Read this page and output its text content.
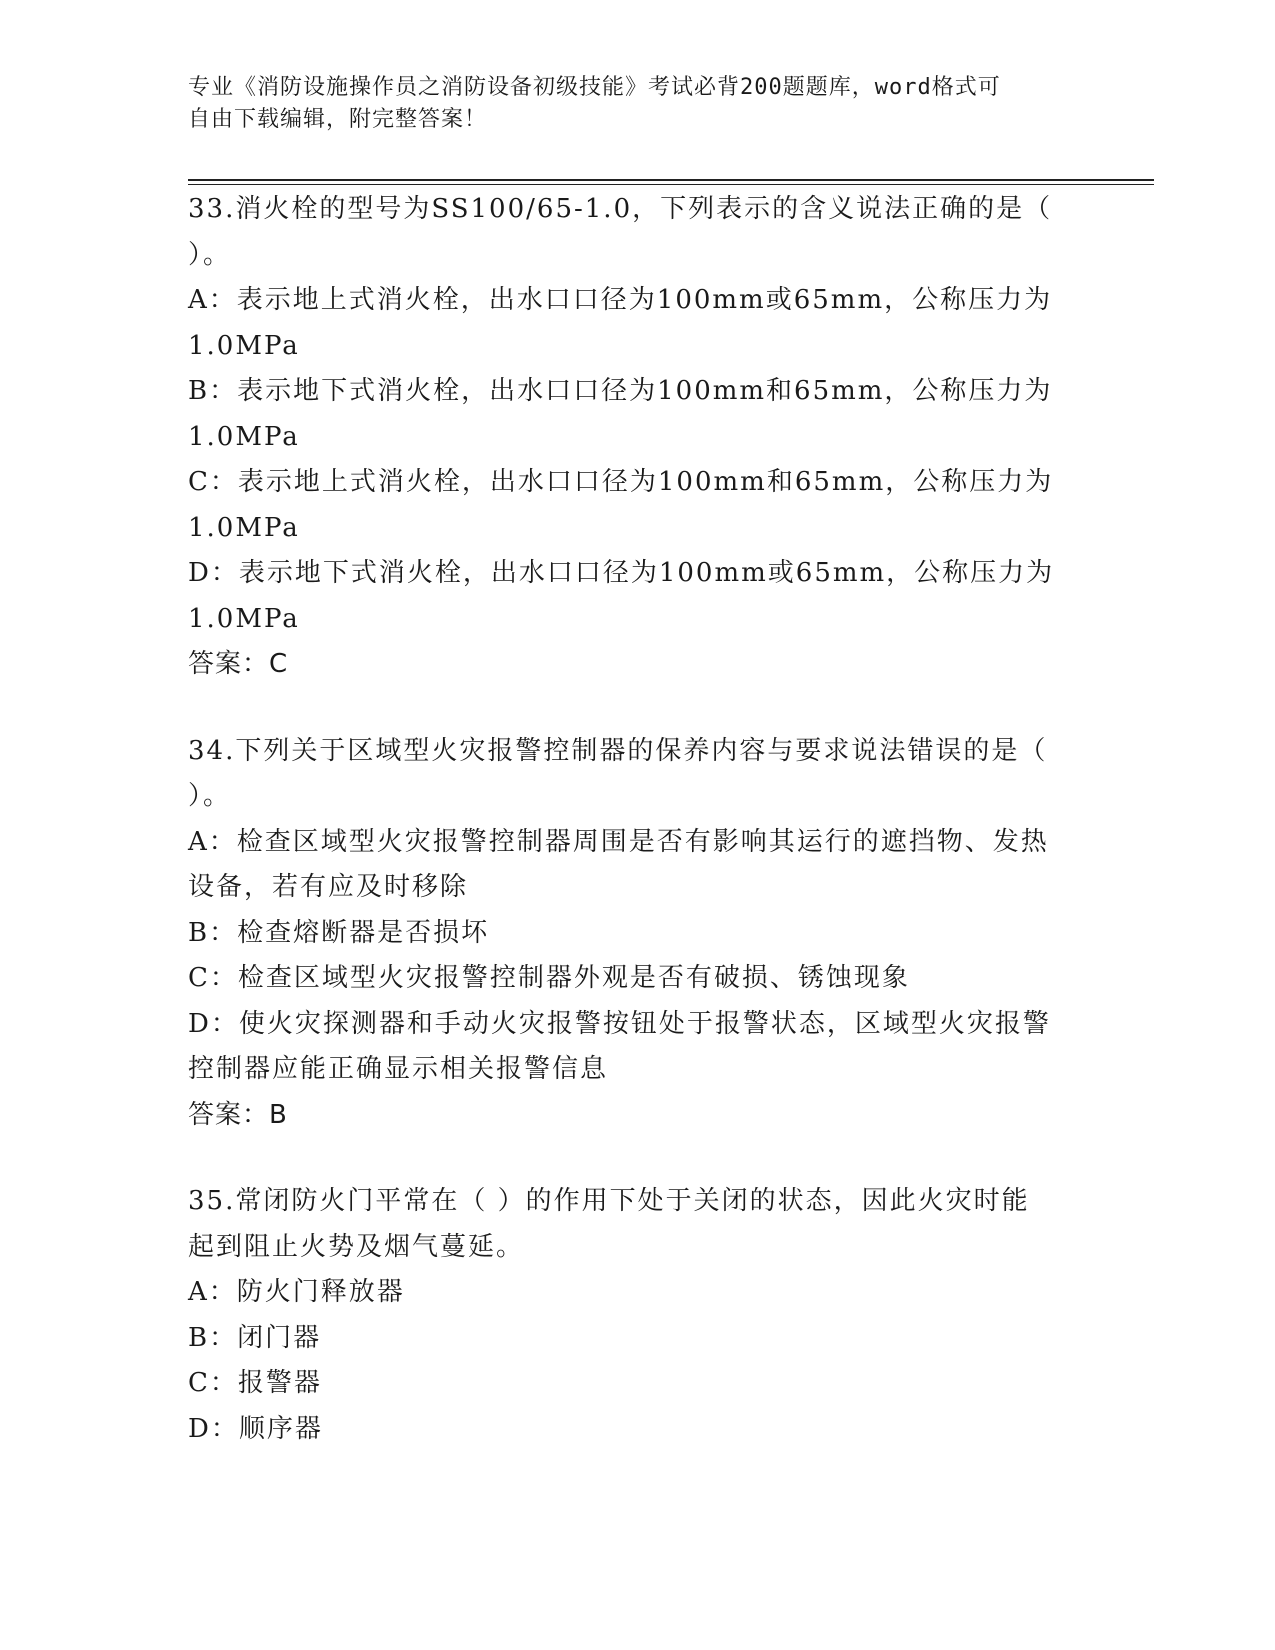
专业《消防设施操作员之消防设备初级技能》考试必背200题题库，word格式可
自由下载编辑，附完整答案！
33.消火栓的型号为SS100/65-1.0，下列表示的含义说法正确的是（
）。
A：表示地上式消火栓，出水口口径为100mm或65mm，公称压力为
1.0MPa
B：表示地下式消火栓，出水口口径为100mm和65mm，公称压力为
1.0MPa
C：表示地上式消火栓，出水口口径为100mm和65mm，公称压力为
1.0MPa
D：表示地下式消火栓，出水口口径为100mm或65mm，公称压力为
1.0MPa
答案：C
34.下列关于区域型火灾报警控制器的保养内容与要求说法错误的是（
）。
A：检查区域型火灾报警控制器周围是否有影响其运行的遮挡物、发热
设备，若有应及时移除
B：检查熔断器是否损坏
C：检查区域型火灾报警控制器外观是否有破损、锈蚀现象
D：使火灾探测器和手动火灾报警按钮处于报警状态，区域型火灾报警
控制器应能正确显示相关报警信息
答案：B
35.常闭防火门平常在（ ）的作用下处于关闭的状态，因此火灾时能
起到阻止火势及烟气蔓延。
A：防火门释放器
B：闭门器
C：报警器
D：顺序器
